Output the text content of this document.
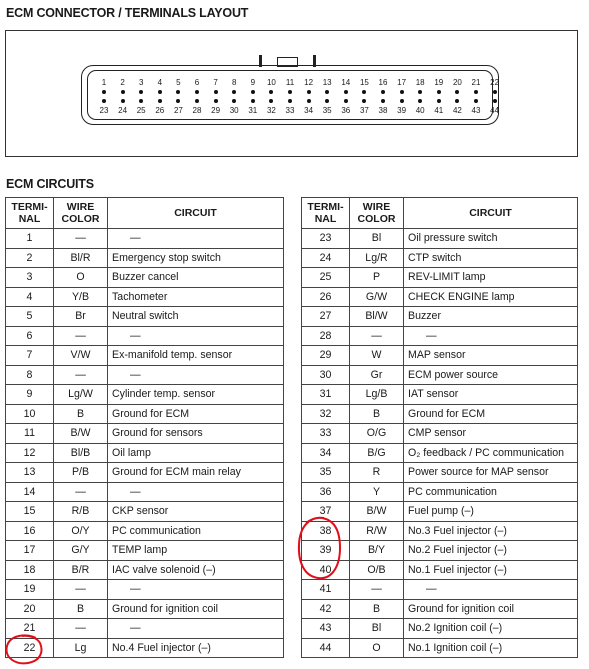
ECM CONNECTOR / TERMINALS LAYOUT
1	2	3	4	5	6	7	8	9	10	11	12	13	14	15	16	17	18	19	20	21	22
23	24	25	26	27	28	29	30	31	32	33	34	35	36	37	38	39	40	41	42	43	44
ECM CIRCUITS
TERMI-
NAL	WIRE
COLOR	CIRCUIT
1	—	—
2	Bl/R	Emergency stop switch
3	O	Buzzer cancel
4	Y/B	Tachometer
5	Br	Neutral switch
6	—	—
7	V/W	Ex-manifold temp. sensor
8	—	—
9	Lg/W	Cylinder temp. sensor
10	B	Ground for ECM
11	B/W	Ground for sensors
12	Bl/B	Oil lamp
13	P/B	Ground for ECM main relay
14	—	—
15	R/B	CKP sensor
16	O/Y	PC communication
17	G/Y	TEMP lamp
18	B/R	IAC valve solenoid (–)
19	—	—
20	B	Ground for ignition coil
21	—	—
22	Lg	No.4 Fuel injector (–)
TERMI-
NAL	WIRE
COLOR	CIRCUIT
23	Bl	Oil pressure switch
24	Lg/R	CTP switch
25	P	REV-LIMIT lamp
26	G/W	CHECK ENGINE lamp
27	Bl/W	Buzzer
28	—	—
29	W	MAP sensor
30	Gr	ECM power source
31	Lg/B	IAT sensor
32	B	Ground for ECM
33	O/G	CMP sensor
34	B/G	O₂ feedback / PC communication
35	R	Power source for MAP sensor
36	Y	PC communication
37	B/W	Fuel pump (–)
38	R/W	No.3 Fuel injector (–)
39	B/Y	No.2 Fuel injector (–)
40	O/B	No.1 Fuel injector (–)
41	—	—
42	B	Ground for ignition coil
43	Bl	No.2 Ignition coil (–)
44	O	No.1 Ignition coil (–)
